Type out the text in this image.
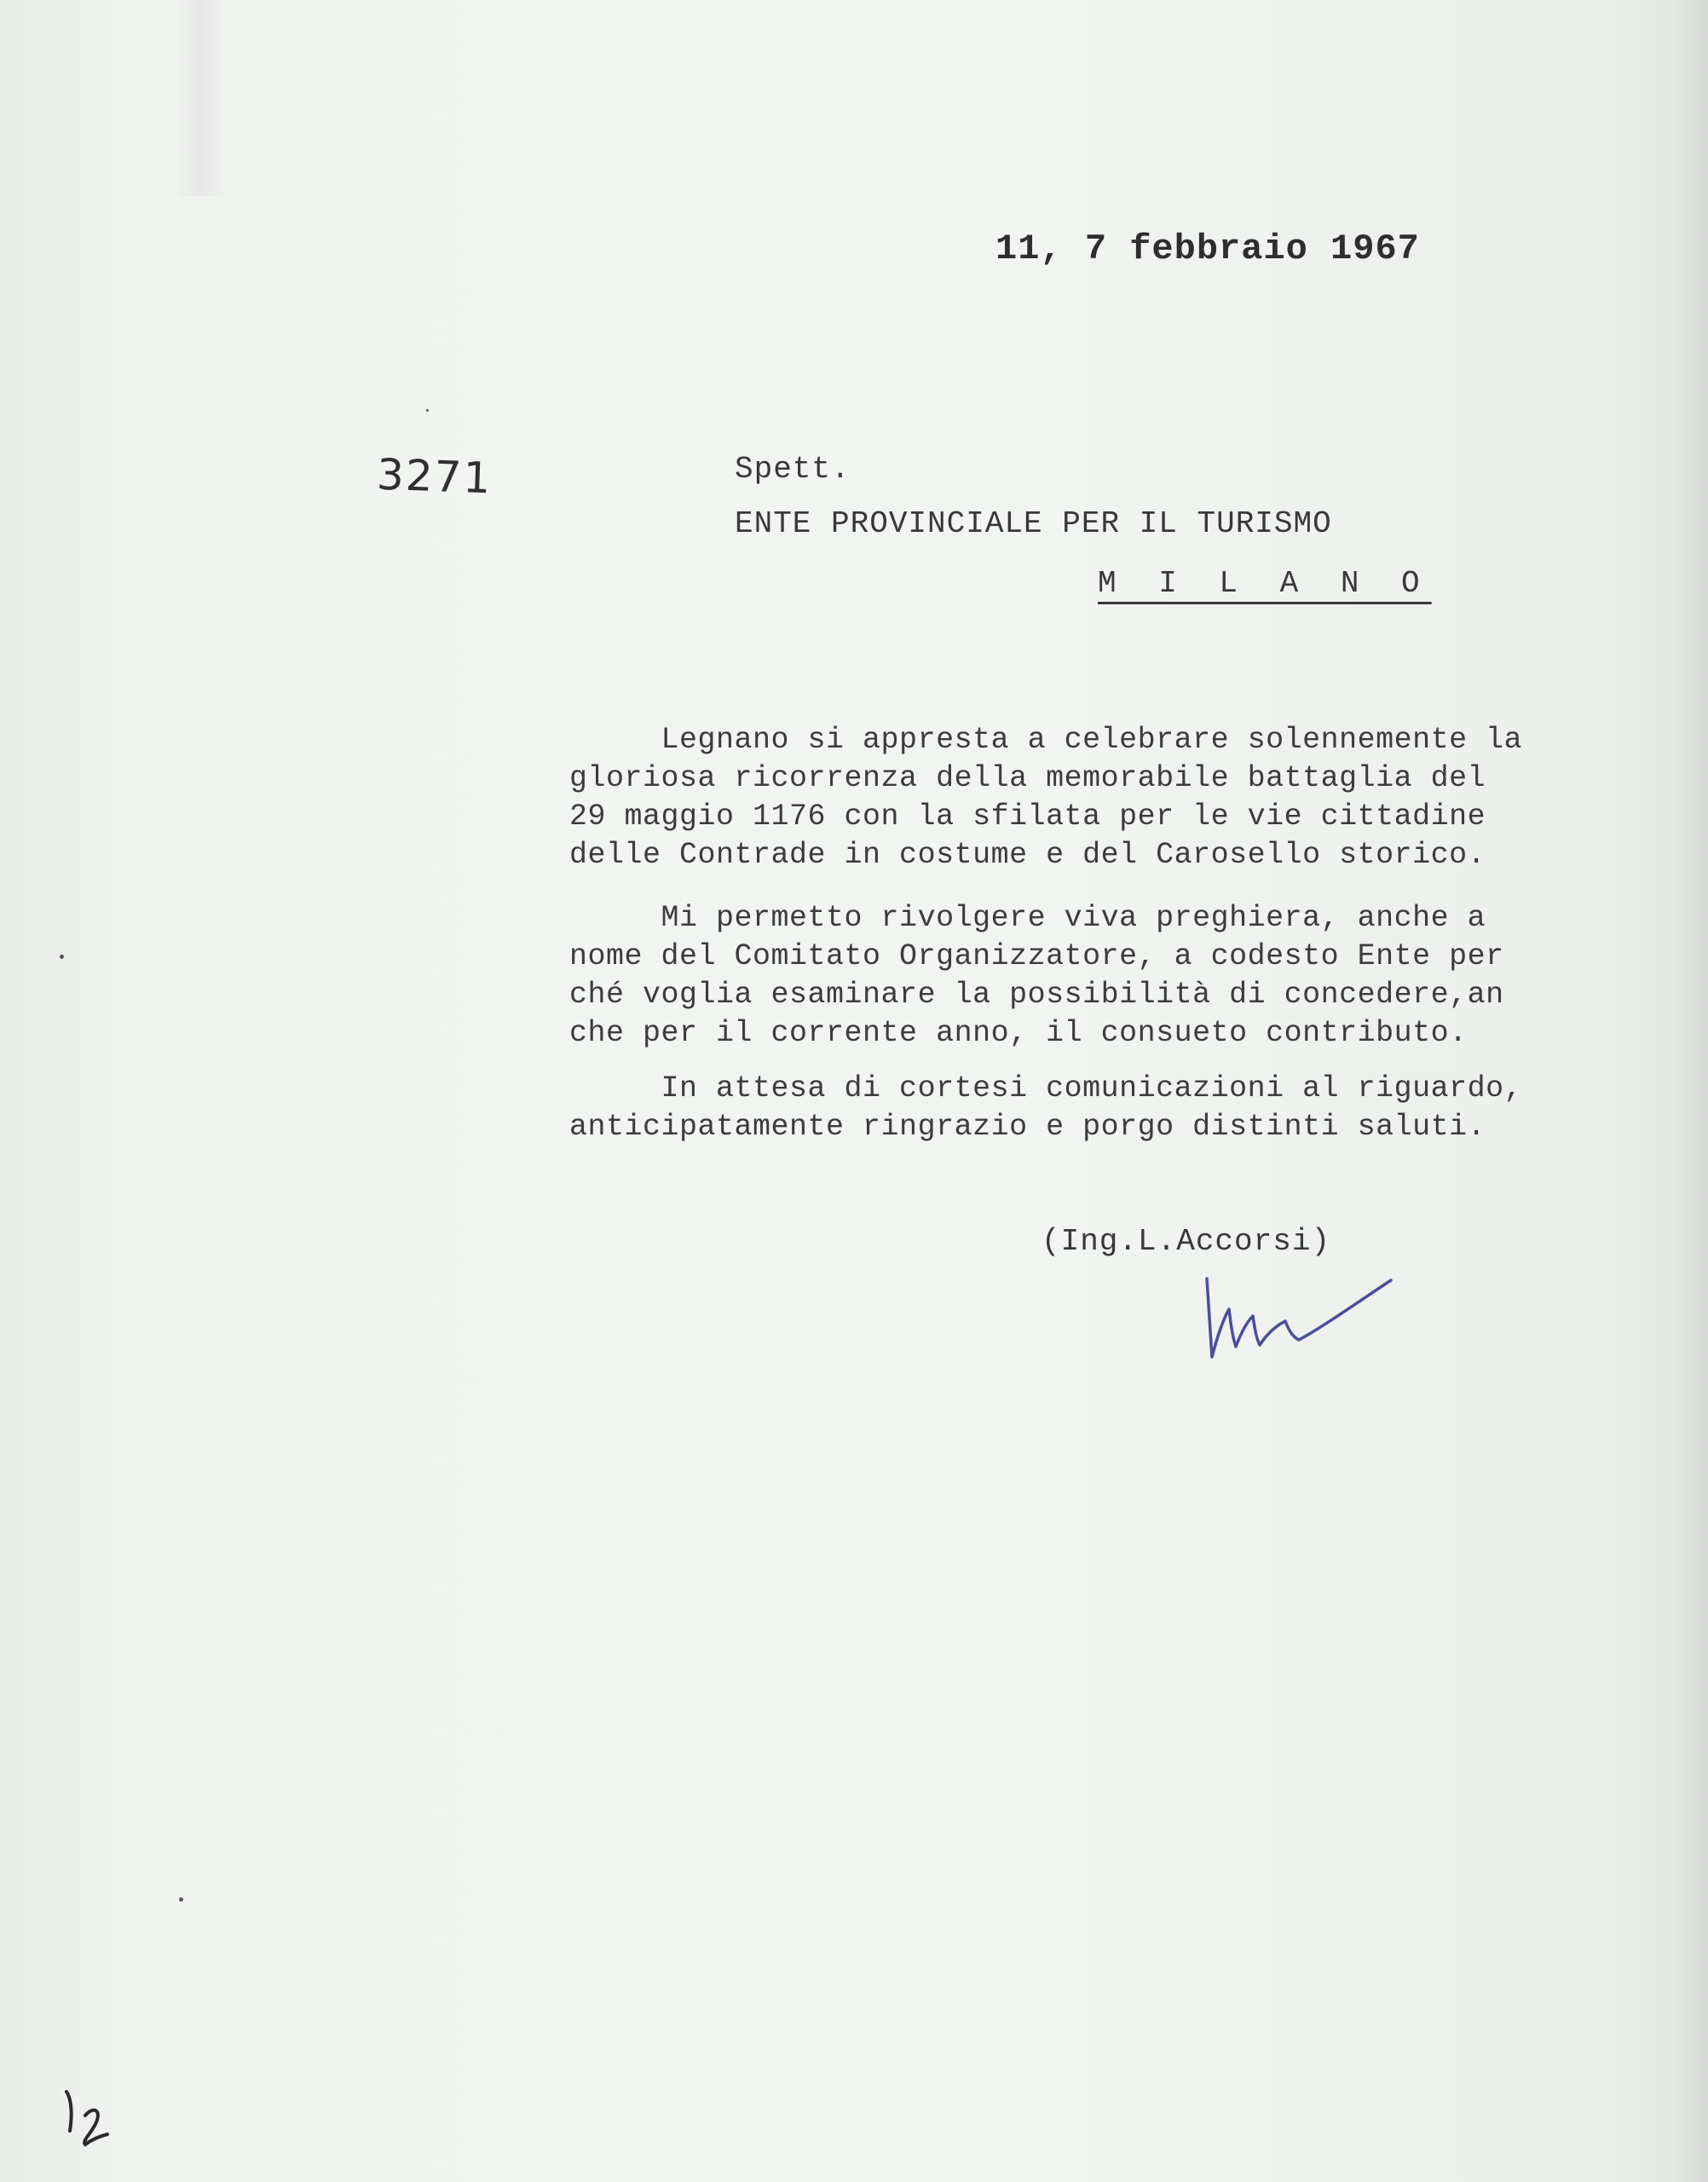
11, 7 febbraio 1967
3271	Spett.
ENTE PROVINCIALE PER IL TURISMO
M I L A N O
Legnano si appresta a celebrare solennemente la
gloriosa ricorrenza della memorabile battaglia del
29 maggio 1176 con la sfilata per le vie cittadine
delle Contrade in costume e del Carosello storico.
Mi permetto rivolgere viva preghiera, anche a
nome del Comitato Organizzatore, a codesto Ente per
ché voglia esaminare la possibilità di concedere,an
che per il corrente anno, il consueto contributo.
In attesa di cortesi comunicazioni al riguardo,
anticipatamente ringrazio e porgo distinti saluti.
(Ing.L.Accorsi)
